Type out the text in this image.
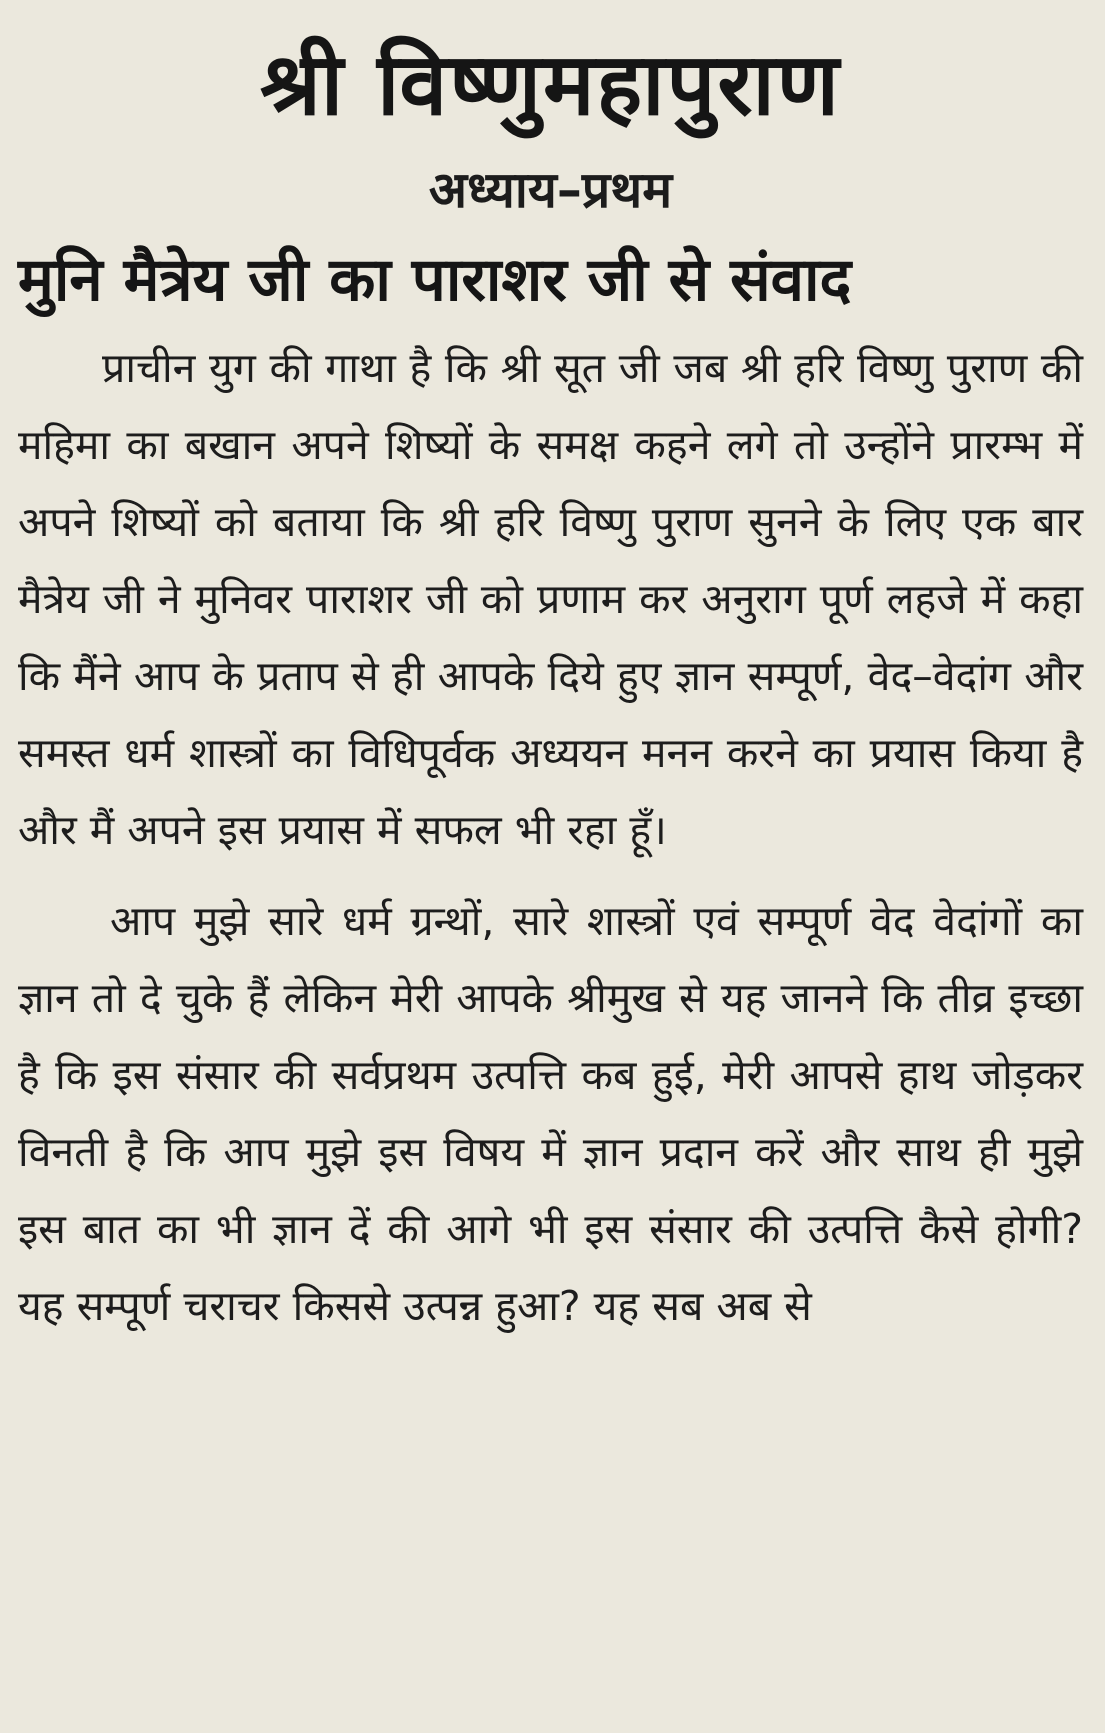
श्री विष्णुमहापुराण
अध्याय–प्रथम
मुनि मैत्रेय जी का पाराशर जी से संवाद

प्राचीन युग की गाथा है कि श्री सूत जी जब श्री हरि विष्णु पुराण की महिमा का बखान अपने शिष्यों के समक्ष कहने लगे तो उन्होंने प्रारम्भ में अपने शिष्यों को बताया कि श्री हरि विष्णु पुराण सुनने के लिए एक बार मैत्रेय जी ने मुनिवर पाराशर जी को प्रणाम कर अनुराग पूर्ण लहजे में कहा कि मैंने आप के प्रताप से ही आपके दिये हुए ज्ञान सम्पूर्ण, वेद–वेदांग और समस्त धर्म शास्त्रों का विधिपूर्वक अध्ययन मनन करने का प्रयास किया है और मैं अपने इस प्रयास में सफल भी रहा हूँ।

आप मुझे सारे धर्म ग्रन्थों, सारे शास्त्रों एवं सम्पूर्ण वेद वेदांगों का ज्ञान तो दे चुके हैं लेकिन मेरी आपके श्रीमुख से यह जानने कि तीव्र इच्छा है कि इस संसार की सर्वप्रथम उत्पत्ति कब हुई, मेरी आपसे हाथ जोड़कर विनती है कि आप मुझे इस विषय में ज्ञान प्रदान करें और साथ ही मुझे इस बात का भी ज्ञान दें की आगे भी इस संसार की उत्पत्ति कैसे होगी? यह सम्पूर्ण चराचर किससे उत्पन्न हुआ? यह सब अब से
